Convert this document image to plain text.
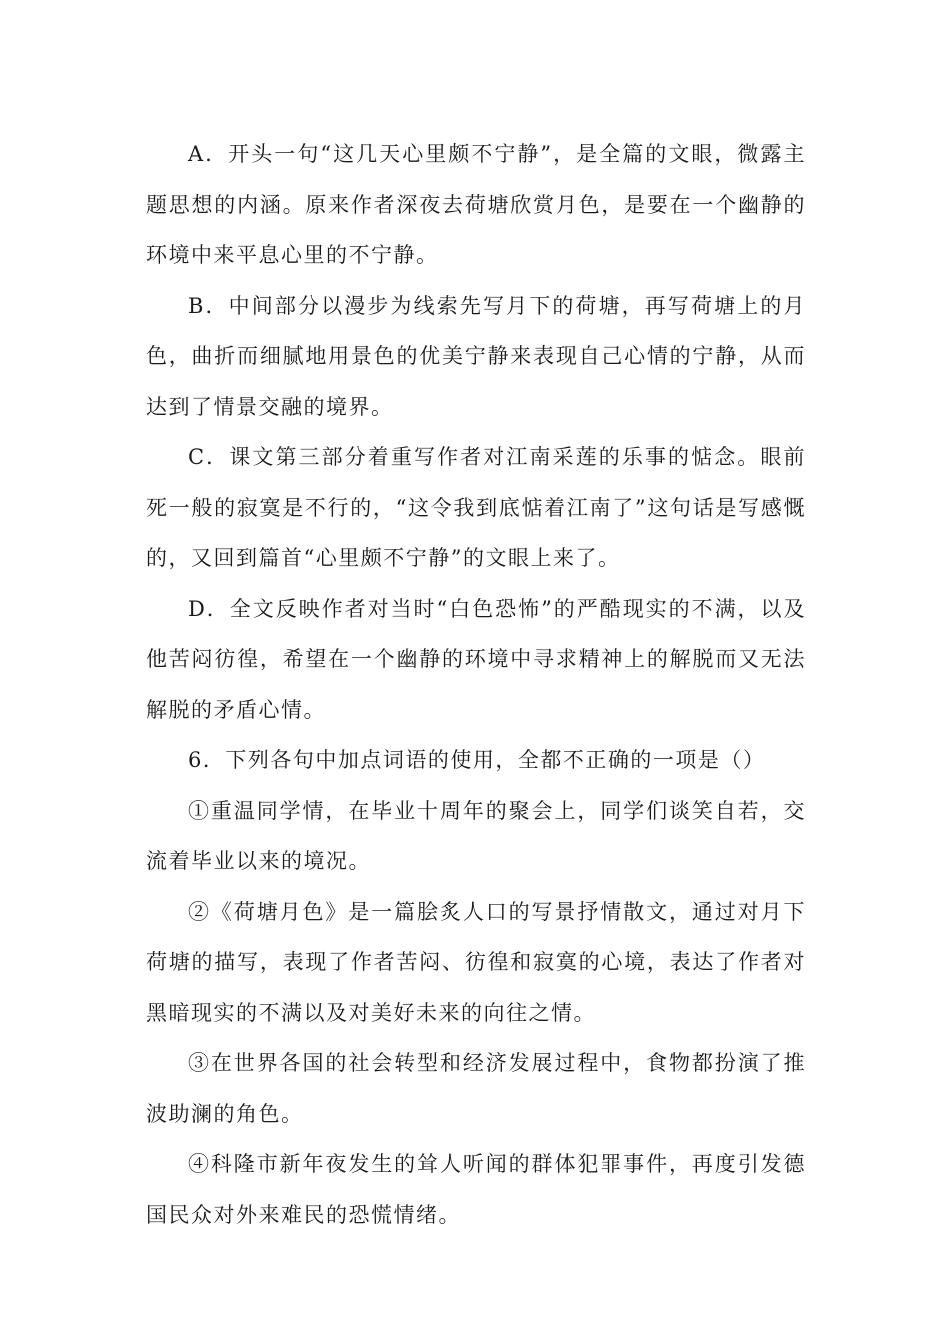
A．开头一句“这几天心里颇不宁静”，是全篇的文眼，微露主题思想的内涵。原来作者深夜去荷塘欣赏月色，是要在一个幽静的环境中来平息心里的不宁静。

B．中间部分以漫步为线索先写月下的荷塘，再写荷塘上的月色，曲折而细腻地用景色的优美宁静来表现自己心情的宁静，从而达到了情景交融的境界。

C．课文第三部分着重写作者对江南采莲的乐事的惦念。眼前死一般的寂寞是不行的，“这令我到底惦着江南了”这句话是写感慨的，又回到篇首“心里颇不宁静”的文眼上来了。

D．全文反映作者对当时“白色恐怖”的严酷现实的不满，以及他苦闷彷徨，希望在一个幽静的环境中寻求精神上的解脱而又无法解脱的矛盾心情。

6．下列各句中加点词语的使用，全都不正确的一项是（）

①重温同学情，在毕业十周年的聚会上，同学们谈笑自若，交流着毕业以来的境况。

②《荷塘月色》是一篇脍炙人口的写景抒情散文，通过对月下荷塘的描写，表现了作者苦闷、彷徨和寂寞的心境，表达了作者对黑暗现实的不满以及对美好未来的向往之情。

③在世界各国的社会转型和经济发展过程中，食物都扮演了推波助澜的角色。

④科隆市新年夜发生的耸人听闻的群体犯罪事件，再度引发德国民众对外来难民的恐慌情绪。
